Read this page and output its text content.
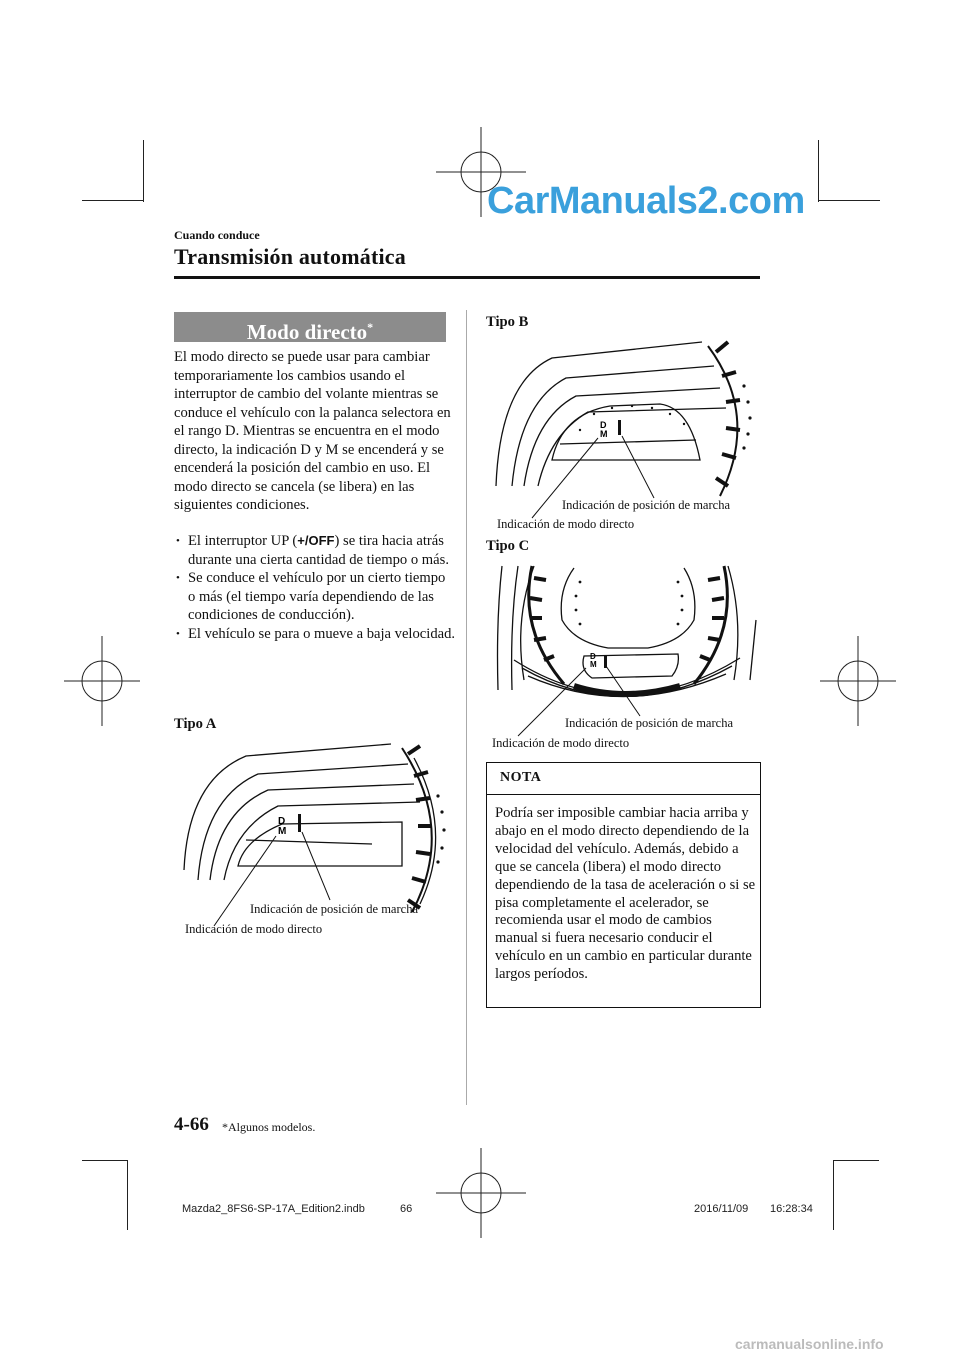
CarManuals2.com
Cuando conduce
Transmisión automática
Modo directo*

El modo directo se puede usar para cambiar temporariamente los cambios usando el interruptor de cambio del volante mientras se conduce el vehículo con la palanca selectora en el rango D. Mientras se encuentra en el modo directo, la indicación D y M se encenderá y se encenderá la posición del cambio en uso. El modo directo se cancela (se libera) en las siguientes condiciones.

• El interruptor UP (+/OFF) se tira hacia atrás durante una cierta cantidad de tiempo o más.
• Se conduce el vehículo por un cierto tiempo o más (el tiempo varía dependiendo de las condiciones de conducción).
• El vehículo se para o mueve a baja velocidad.
Tipo A
D
M
Indicación de posición de marcha
Indicación de modo directo
Tipo B
D
M
Indicación de posición de marcha
Indicación de modo directo
Tipo C
D
M
Indicación de posición de marcha
Indicación de modo directo
NOTA

Podría ser imposible cambiar hacia arriba y abajo en el modo directo dependiendo de la velocidad del vehículo. Además, debido a que se cancela (libera) el modo directo dependiendo de la tasa de aceleración o si se pisa completamente el acelerador, se recomienda usar el modo de cambios manual si fuera necesario conducir el vehículo en un cambio en particular durante largos períodos.

4-66 *Algunos modelos.
Mazda2_8FS6-SP-17A_Edition2.indb	66	2016/11/09 16:28:34
carmanualsonline.info
